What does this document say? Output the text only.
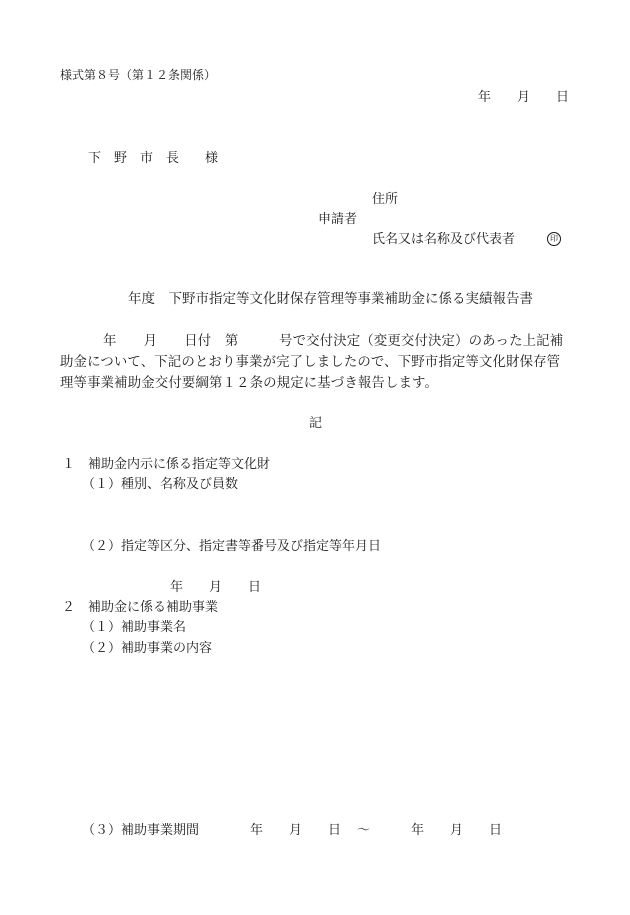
様式第８号（第１２条関係）
年　　月　　日
下　野　市　長　　様
住所
申請者
氏名又は名称及び代表者	印
年度　下野市指定等文化財保存管理等事業補助金に係る実績報告書
年　　月　　日付　第　　　号で交付決定（変更交付決定）のあった上記補
助金について、下記のとおり事業が完了しましたので、下野市指定等文化財保存管
理等事業補助金交付要綱第１２条の規定に基づき報告します。
記
１　補助金内示に係る指定等文化財
（１）種別、名称及び員数
（２）指定等区分、指定書等番号及び指定等年月日
年　　月　　日
２　補助金に係る補助事業
（１）補助事業名
（２）補助事業の内容
（３）補助事業期間	年　　月　　日 ～	年　　月　　日
